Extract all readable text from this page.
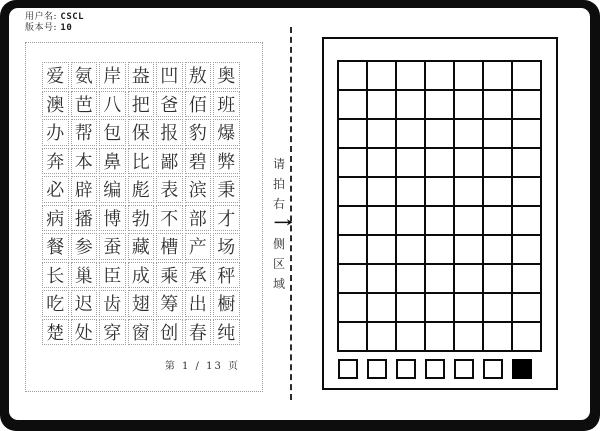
用户名: CSCL
版本号: 10
爱 氨 岸 盎 凹 敖 奥
澳 芭 八 把 爸 佰 班
办 帮 包 保 报 豹 爆
奔 本 鼻 比 鄙 碧 弊
必 辟 编 彪 表 滨 秉
病 播 博 勃 不 部 才
餐 参 蚕 藏 槽 产 场
长 巢 臣 成 乘 承 秤
吃 迟 齿 翅 筹 出 橱
楚 处 穿 窗 创 春 纯
第 1 / 13 页
请
拍
右
→
侧
区
域
